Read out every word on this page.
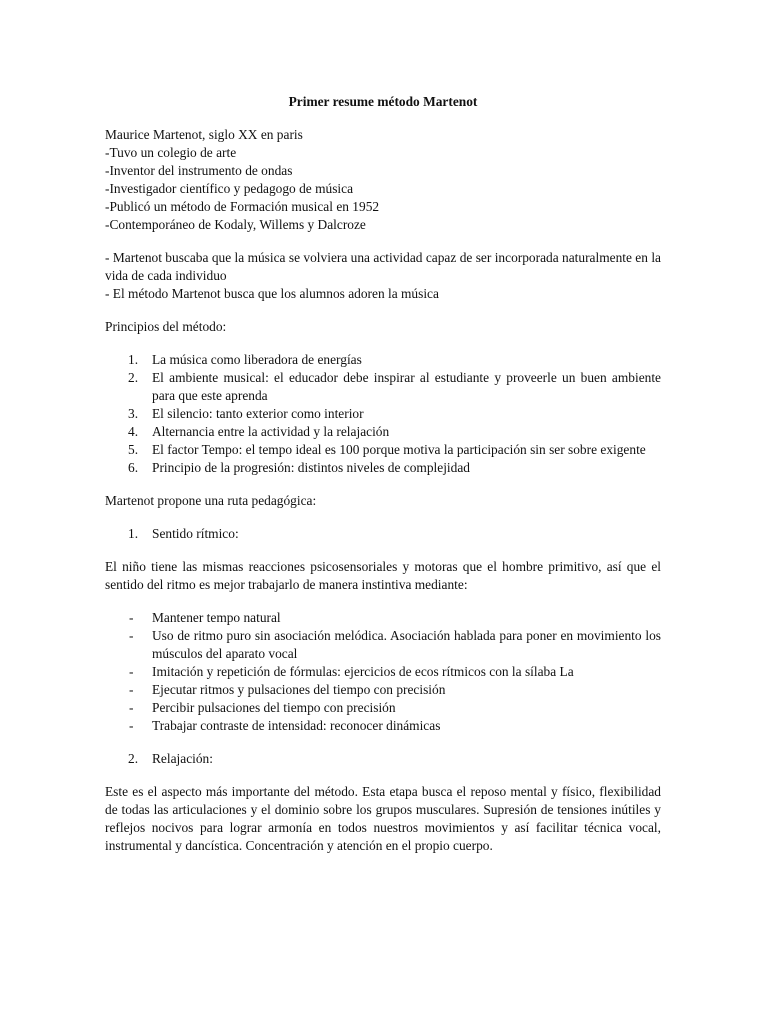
Primer resume método Martenot

Maurice Martenot, siglo XX en paris

-Tuvo un colegio de arte

-Inventor del instrumento de ondas

-Investigador científico y pedagogo de música

-Publicó un método de Formación musical en 1952

-Contemporáneo de Kodaly, Willems y Dalcroze

- Martenot buscaba que la música se volviera una actividad capaz de ser incorporada naturalmente en la vida de cada individuo

- El método Martenot busca que los alumnos adoren la música

Principios del método:

1.	La música como liberadora de energías
2.	El ambiente musical: el educador debe inspirar al estudiante y proveerle un buen ambiente para que este aprenda
3.	El silencio: tanto exterior como interior
4.	Alternancia entre la actividad y la relajación
5.	El factor Tempo: el tempo ideal es 100 porque motiva la participación sin ser sobre exigente
6.	Principio de la progresión: distintos niveles de complejidad

Martenot propone una ruta pedagógica:

1.	Sentido rítmico:

El niño tiene las mismas reacciones psicosensoriales y motoras que el hombre primitivo, así que el sentido del ritmo es mejor trabajarlo de manera instintiva mediante:

- Mantener tempo natural
- Uso de ritmo puro sin asociación melódica. Asociación hablada para poner en movimiento los músculos del aparato vocal
- Imitación y repetición de fórmulas: ejercicios de ecos rítmicos con la sílaba La
- Ejecutar ritmos y pulsaciones del tiempo con precisión
- Percibir pulsaciones del tiempo con precisión
- Trabajar contraste de intensidad: reconocer dinámicas
2.	Relajación:

Este es el aspecto más importante del método. Esta etapa busca el reposo mental y físico, flexibilidad de todas las articulaciones y el dominio sobre los grupos musculares. Supresión de tensiones inútiles y reflejos nocivos para lograr armonía en todos nuestros movimientos y así facilitar técnica vocal, instrumental y dancística. Concentración y atención en el propio cuerpo.
